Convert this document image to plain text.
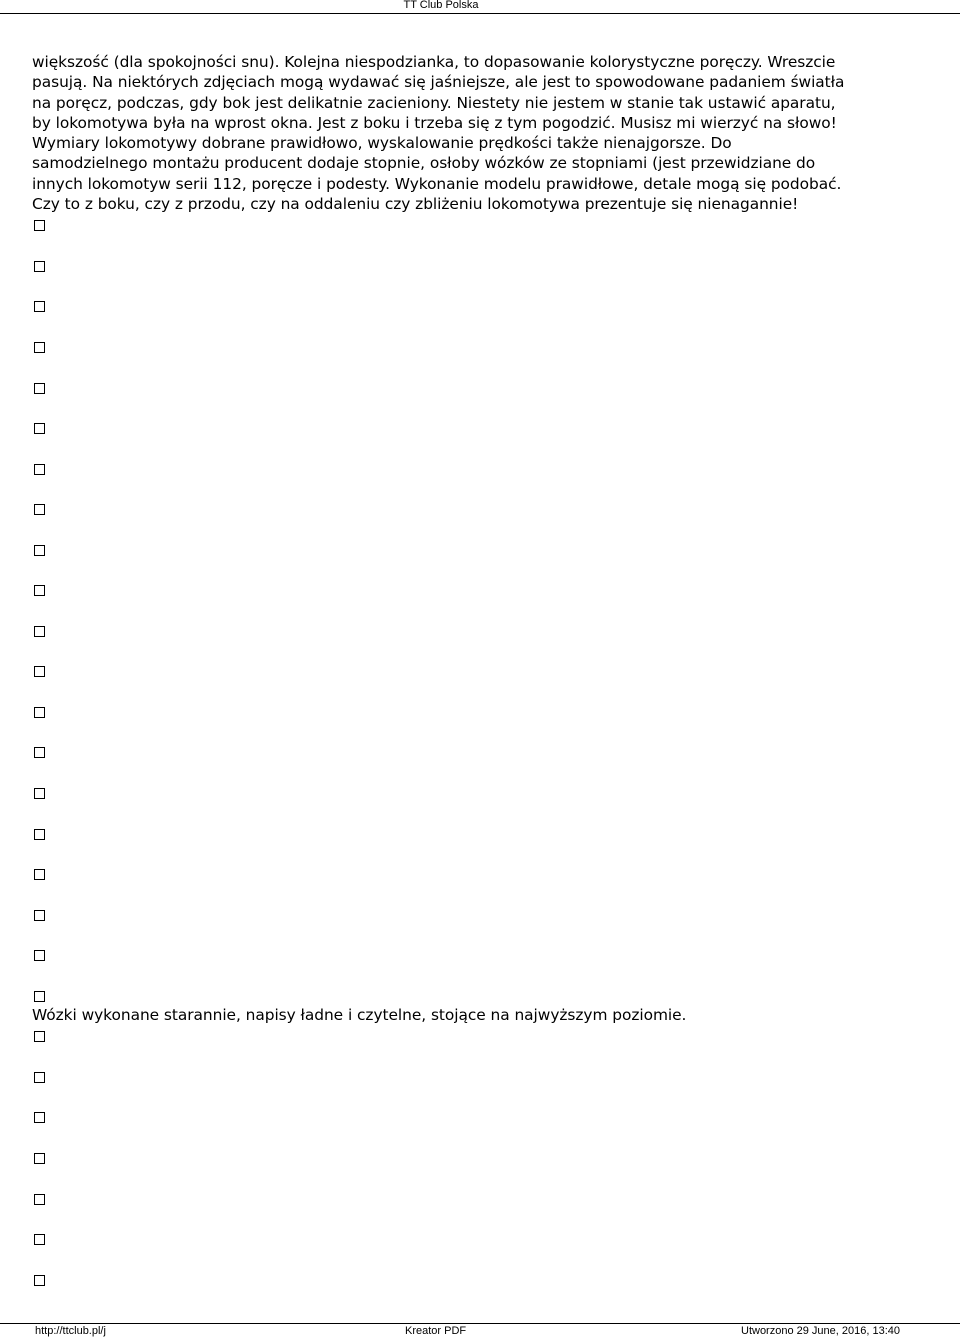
TT Club Polska

większość (dla spokojności snu). Kolejna niespodzianka, to dopasowanie kolorystyczne poręczy. Wreszcie
pasują. Na niektórych zdjęciach mogą wydawać się jaśniejsze, ale jest to spowodowane padaniem światła
na poręcz, podczas, gdy bok jest delikatnie zacieniony. Niestety nie jestem w stanie tak ustawić aparatu,
by lokomotywa była na wprost okna. Jest z boku i trzeba się z tym pogodzić. Musisz mi wierzyć na słowo!
Wymiary lokomotywy dobrane prawidłowo, wyskalowanie prędkości także nienajgorsze. Do
samodzielnego montażu producent dodaje stopnie, osłoby wózków ze stopniami (jest przewidziane do
innych lokomotyw serii 112, poręcze i podesty. Wykonanie modelu prawidłowe, detale mogą się podobać.
Czy to z boku, czy z przodu, czy na oddaleniu czy zbliżeniu lokomotywa prezentuje się nienagannie!

Wózki wykonane starannie, napisy ładne i czytelne, stojące na najwyższym poziomie.
http://ttclub.pl/j	Kreator PDF	Utworzono 29 June, 2016, 13:40
